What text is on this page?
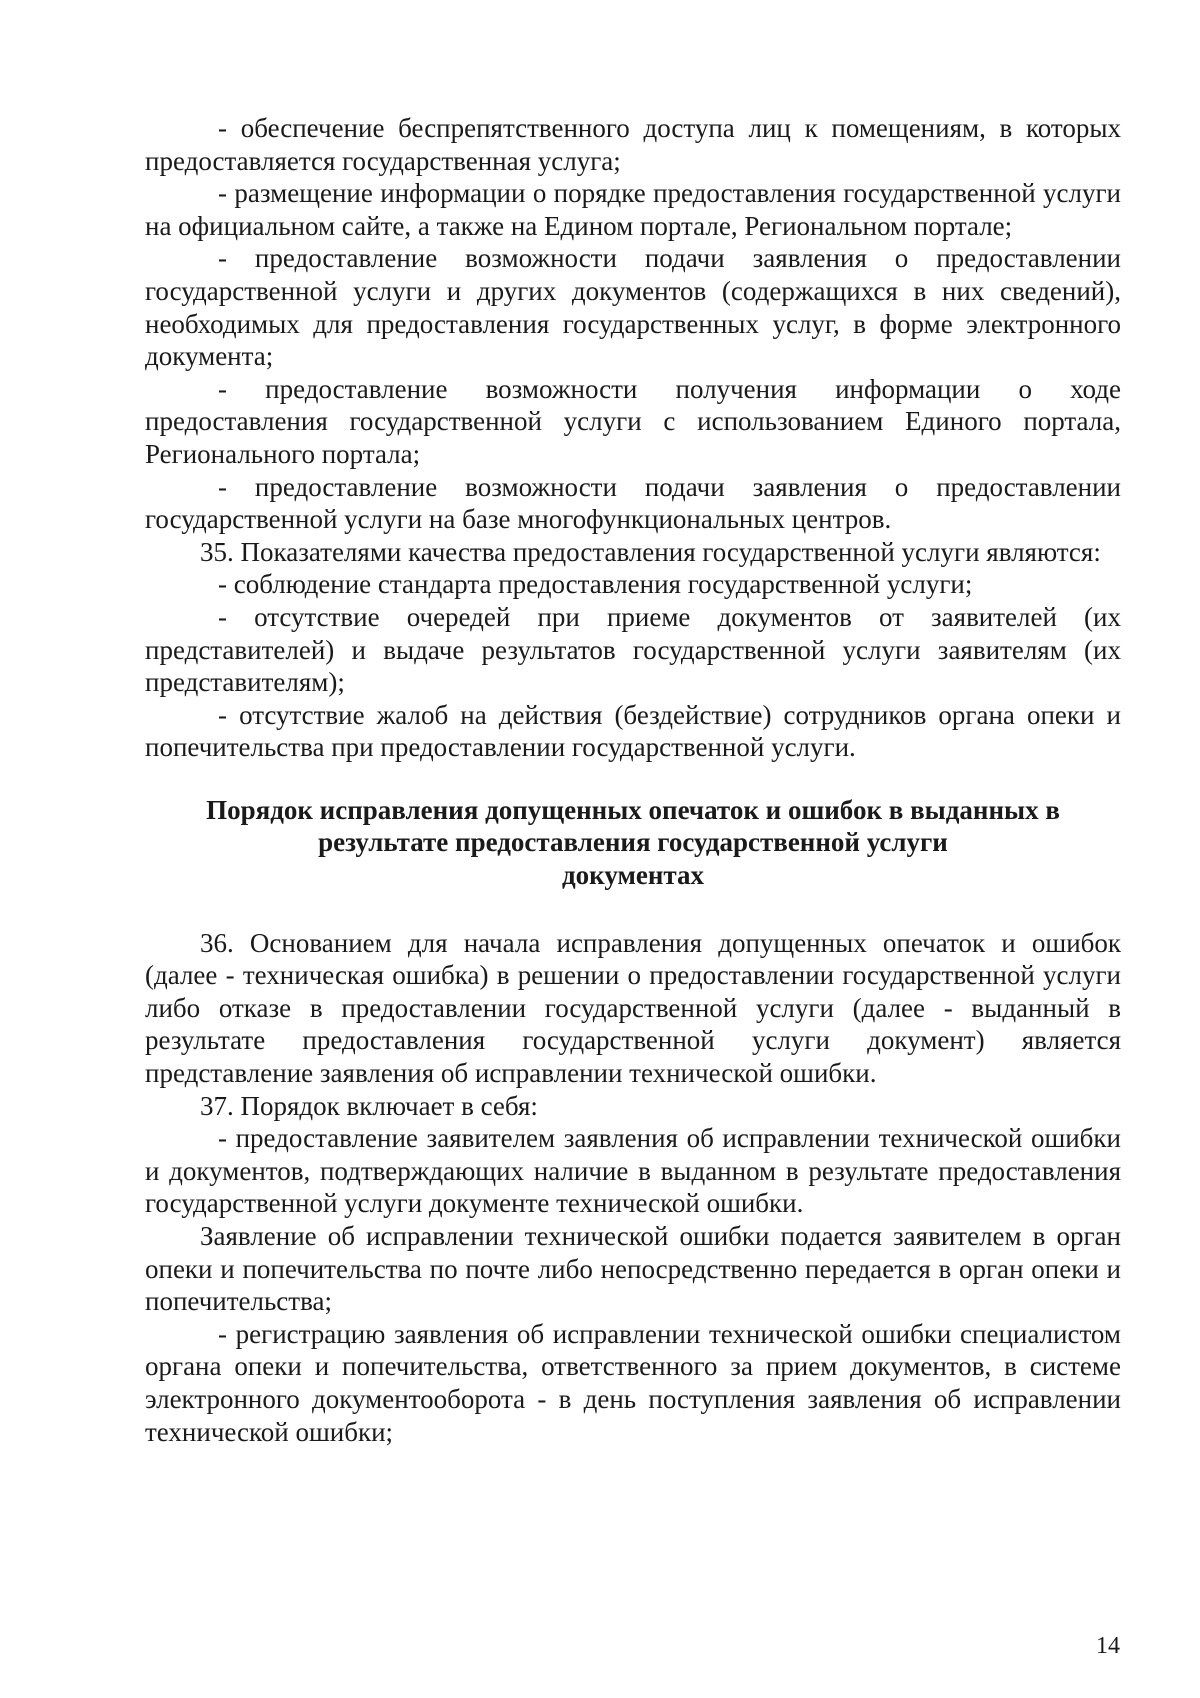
- обеспечение беспрепятственного доступа лиц к помещениям, в которых предоставляется государственная услуга;

- размещение информации о порядке предоставления государственной услуги на официальном сайте, а также на Едином портале, Региональном портале;

- предоставление возможности подачи заявления о предоставлении государственной услуги и других документов (содержащихся в них сведений), необходимых для предоставления государственных услуг, в форме электронного документа;

- предоставление возможности получения информации о ходе предоставления государственной услуги с использованием Единого портала, Регионального портала;

- предоставление возможности подачи заявления о предоставлении государственной услуги на базе многофункциональных центров.

35. Показателями качества предоставления государственной услуги являются:

- соблюдение стандарта предоставления государственной услуги;

- отсутствие очередей при приеме документов от заявителей (их представителей) и выдаче результатов государственной услуги заявителям (их представителям);

- отсутствие жалоб на действия (бездействие) сотрудников органа опеки и попечительства при предоставлении государственной услуги.

Порядок исправления допущенных опечаток и ошибок в выданных в
результате предоставления государственной услуги
документах

36. Основанием для начала исправления допущенных опечаток и ошибок (далее - техническая ошибка) в решении о предоставлении государственной услуги либо отказе в предоставлении государственной услуги (далее - выданный в результате предоставления государственной услуги документ) является представление заявления об исправлении технической ошибки.

37. Порядок включает в себя:

- предоставление заявителем заявления об исправлении технической ошибки и документов, подтверждающих наличие в выданном в результате предоставления государственной услуги документе технической ошибки.

Заявление об исправлении технической ошибки подается заявителем в орган опеки и попечительства по почте либо непосредственно передается в орган опеки и попечительства;

- регистрацию заявления об исправлении технической ошибки специалистом органа опеки и попечительства, ответственного за прием документов, в системе электронного документооборота - в день поступления заявления об исправлении технической ошибки;

14
